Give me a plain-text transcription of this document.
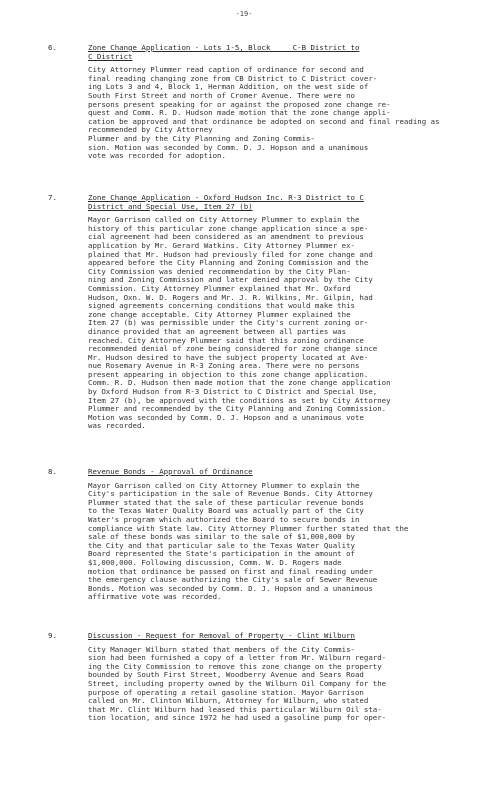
-19-
6.	Zone Change Application - Lots 1-5, Block ___ C-B District to
C District
City Attorney Plummer read caption of ordinance for second and
final reading changing zone from CB District to C District cover-
ing Lots 3 and 4, Block 1, Herman Addition, on the west side of
South First Street and north of Cromer Avenue. There were no
persons present speaking for or against the proposed zone change re-
quest and Comm. R. D. Hudson made motion that the zone change appli-
cation be approved and that ordinance be adopted on second and final reading as recommended by City Attorney
Plummer and by the City Planning and Zoning Commis-
sion. Motion was seconded by Comm. D. J. Hopson and a unanimous
vote was recorded for adoption.
7.	Zone Change Application - Oxford Hudson Inc. R-3 District to C
District and Special Use, Item 27 (b)
Mayor Garrison called on City Attorney Plummer to explain the
history of this particular zone change application since a spe-
cial agreement had been considered as an amendment to previous
application by Mr. Gerard Watkins. City Attorney Plummer ex-
plained that Mr. Hudson had previously filed for zone change and
appeared before the City Planning and Zoning Commission and the
City Commission was denied recommendation by the City Plan-
ning and Zoning Commission and later denied approval by the City
Commission. City Attorney Plummer explained that Mr. Oxford
Hudson, Oxn. W. D. Rogers and Mr. J. R. Wilkins, Mr. Gilpin, had
signed agreements concerning conditions that would make this
zone change acceptable. City Attorney Plummer explained the
Item 27 (b) was permissible under the City's current zoning or-
dinance provided that an agreement between all parties was
reached. City Attorney Plummer said that this zoning ordinance
recommended denial of zone being considered for zone change since
Mr. Hudson desired to have the subject property located at Ave-
nue Rosemary Avenue in R-3 Zoning area. There were no persons
present appearing in objection to this zone change application.
Comm. R. D. Hudson then made motion that the zone change application
by Oxford Hudson from R-3 District to C District and Special Use,
Item 27 (b), be approved with the conditions as set by City Attorney
Plummer and recommended by the City Planning and Zoning Commission.
Motion was seconded by Comm. D. J. Hopson and a unanimous vote
was recorded.
8.	Revenue Bonds - Approval of Ordinance
Mayor Garrison called on City Attorney Plummer to explain the
City's participation in the sale of Revenue Bonds. City Attorney
Plummer stated that the sale of these particular revenue bonds
to the Texas Water Quality Board was actually part of the City
Water's program which authorized the Board to secure bonds in
compliance with State law. City Attorney Plummer further stated that the
sale of these bonds was similar to the sale of $1,000,000 by
the City and that particular sale to the Texas Water Quality
Board represented the State's participation in the amount of
$1,000,000. Following discussion, Comm. W. D. Rogers made
motion that ordinance be passed on first and final reading under
the emergency clause authorizing the City's sale of Sewer Revenue
Bonds. Motion was seconded by Comm. D. J. Hopson and a unanimous
affirmative vote was recorded.
9.	Discussion - Request for Removal of Property - Clint Wilburn
City Manager Wilburn stated that members of the City Commis-
sion had been furnished a copy of a letter from Mr. Wilburn regard-
ing the City Commission to remove this zone change on the property
bounded by South First Street, Woodberry Avenue and Sears Road
Street, including property owned by the Wilburn Oil Company for the
purpose of operating a retail gasoline station. Mayor Garrison
called on Mr. Clinton Wilburn, Attorney for Wilburn, who stated
that Mr. Clint Wilburn had leased this particular Wilburn Oil sta-
tion location, and since 1972 he had used a gasoline pump for oper-
